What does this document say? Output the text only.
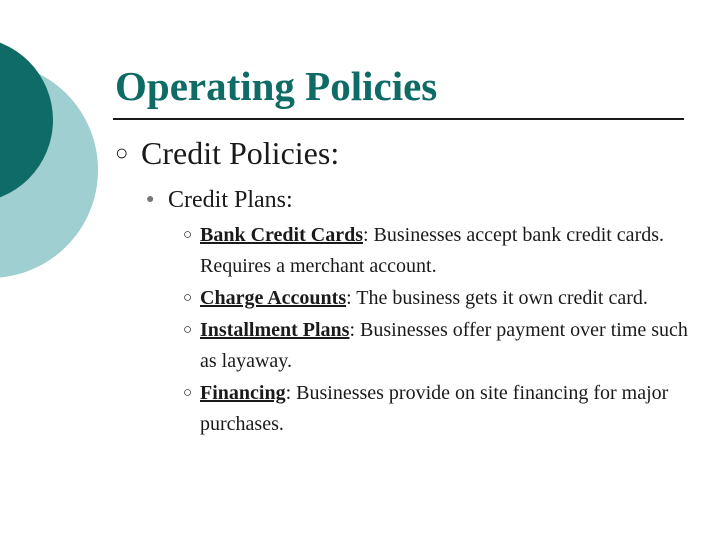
Operating Policies
○ Credit Policies:
● Credit Plans:
○ Bank Credit Cards: Businesses accept bank credit cards. Requires a merchant account.
○ Charge Accounts: The business gets it own credit card.
○ Installment Plans: Businesses offer payment over time such as layaway.
○ Financing: Businesses provide on site financing for major purchases.
